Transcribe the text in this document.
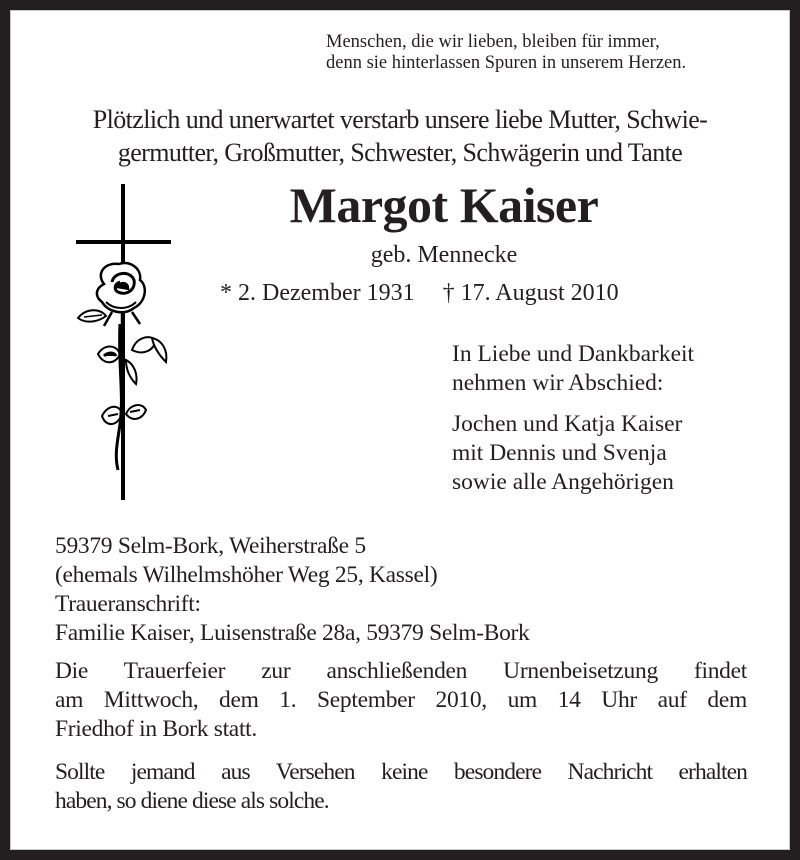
Menschen, die wir lieben, bleiben für immer,
denn sie hinterlassen Spuren in unserem Herzen.
Plötzlich und unerwartet verstarb unsere liebe Mutter, Schwie-
germutter, Großmutter, Schwester, Schwägerin und Tante
Margot Kaiser
geb. Mennecke
* 2. Dezember 1931 † 17. August 2010
In Liebe und Dankbarkeit
nehmen wir Abschied:
Jochen und Katja Kaiser
mit Dennis und Svenja
sowie alle Angehörigen
59379 Selm-Bork, Weiherstraße 5
(ehemals Wilhelmshöher Weg 25, Kassel)
Traueranschrift:
Familie Kaiser, Luisenstraße 28a, 59379 Selm-Bork
Die Trauerfeier zur anschließenden Urnenbeisetzung findet
am Mittwoch, dem 1. September 2010, um 14 Uhr auf dem
Friedhof in Bork statt.
Sollte jemand aus Versehen keine besondere Nachricht erhalten
haben, so diene diese als solche.
